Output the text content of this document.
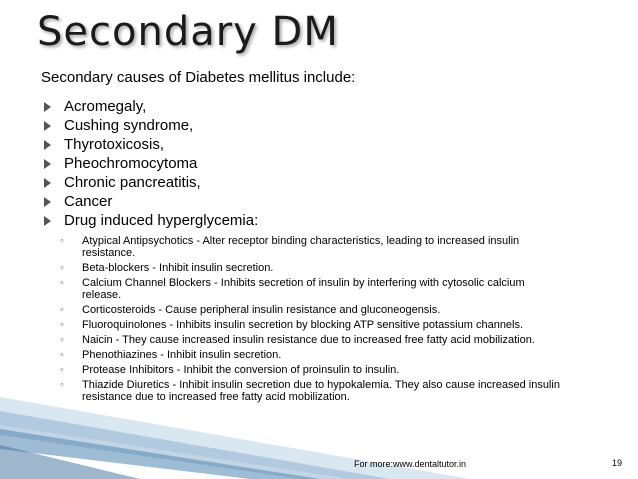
Secondary DM
Secondary causes of Diabetes mellitus include:
Acromegaly,
Cushing syndrome,
Thyrotoxicosis,
Pheochromocytoma
Chronic pancreatitis,
Cancer
Drug induced hyperglycemia:
◦ Atypical Antipsychotics - Alter receptor binding characteristics, leading to increased insulin resistance.
◦ Beta-blockers - Inhibit insulin secretion.
◦ Calcium Channel Blockers - Inhibits secretion of insulin by interfering with cytosolic calcium release.
◦ Corticosteroids - Cause peripheral insulin resistance and gluconeogensis.
◦ Fluoroquinolones - Inhibits insulin secretion by blocking ATP sensitive potassium channels.
◦ Naicin - They cause increased insulin resistance due to increased free fatty acid mobilization.
◦ Phenothiazines - Inhibit insulin secretion.
◦ Protease Inhibitors - Inhibit the conversion of proinsulin to insulin.
◦ Thiazide Diuretics - Inhibit insulin secretion due to hypokalemia. They also cause increased insulin resistance due to increased free fatty acid mobilization.
For more:www.dentaltutor.in	19
